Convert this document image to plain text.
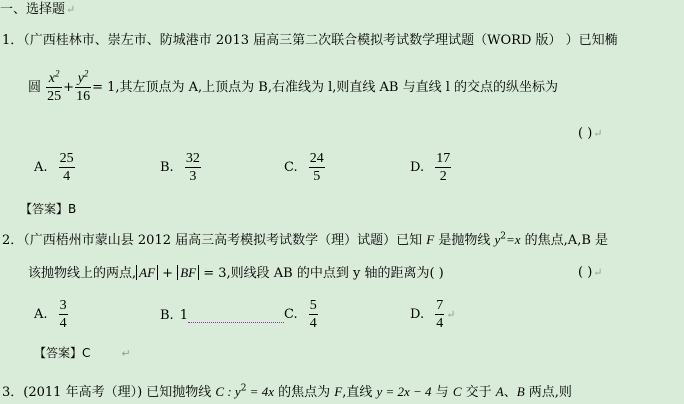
一、选择题↵
1．（广西桂林市、崇左市、防城港市 2013 届高三第二次联合模拟考试数学理试题（WORD 版） ）已知椭
圆 $\frac{x^2}{25} + \frac{y^2}{16} = 1$,其左顶点为 A,上顶点为 B,右准线为 l,则直线 AB 与直线 l 的交点的纵坐标为
( )↵
A. $\frac{25}{4}$	B. $\frac{32}{3}$	C. $\frac{24}{5}$	D. $\frac{17}{2}$
【答案】B
2．（广西梧州市蒙山县 2012 届高三高考模拟考试数学（理）试题）已知 F 是抛物线 $y^2=x$ 的焦点,A,B 是
该抛物线上的两点, AF + BF = 3,则线段 AB 的中点到 y 轴的距离为( )	( )↵
A. $\frac{3}{4}$	B. 1	C. $\frac{5}{4}$	D. $\frac{7}{4}$ ↵
【答案】C	↵
3．(2011 年高考（理）) 已知抛物线 C : $y^2 = 4x$ 的焦点为 F,直线 y = 2x − 4 与 C 交于 A、B 两点,则
